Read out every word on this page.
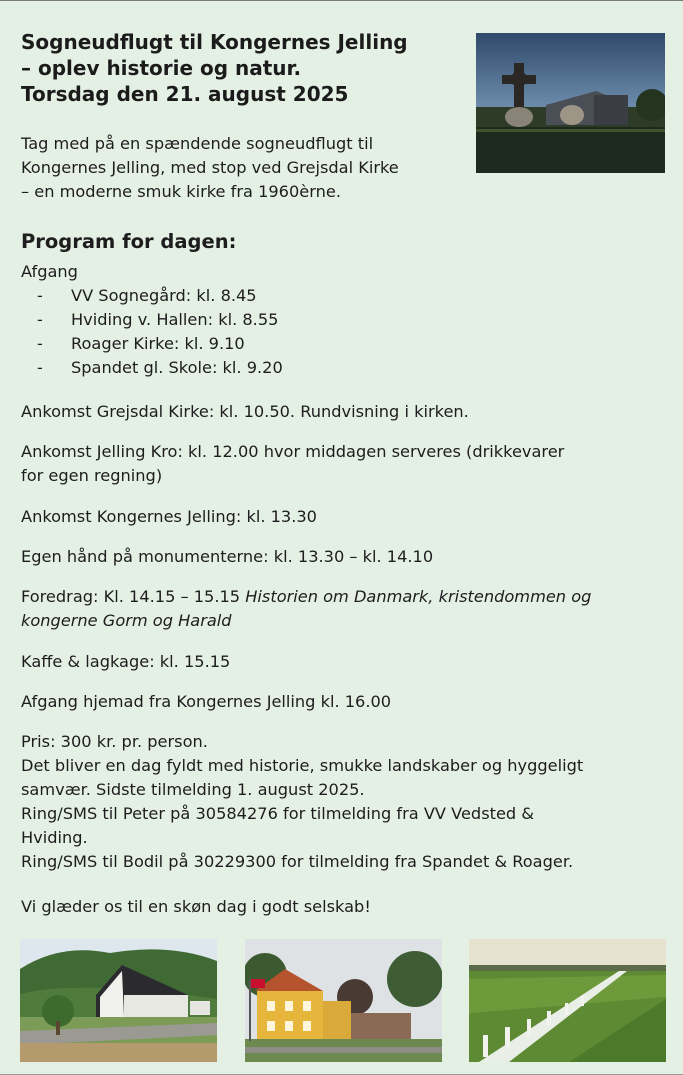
Sogneudflugt til Kongernes Jelling
– oplev historie og natur.
Torsdag den 21. august 2025
Tag med på en spændende sogneudflugt til
Kongernes Jelling, med stop ved Grejsdal Kirke
– en moderne smuk kirke fra 1960èrne.
Program for dagen:
Afgang
- VV Sognegård: kl. 8.45
- Hviding v. Hallen: kl. 8.55
- Roager Kirke: kl. 9.10
- Spandet gl. Skole: kl. 9.20
Ankomst Grejsdal Kirke: kl. 10.50. Rundvisning i kirken.
Ankomst Jelling Kro: kl. 12.00 hvor middagen serveres (drikkevarer
for egen regning)
Ankomst Kongernes Jelling: kl. 13.30
Egen hånd på monumenterne: kl. 13.30 – kl. 14.10
Foredrag: Kl. 14.15 – 15.15 Historien om Danmark, kristendommen og
kongerne Gorm og Harald
Kaffe & lagkage: kl. 15.15
Afgang hjemad fra Kongernes Jelling kl. 16.00
Pris: 300 kr. pr. person.
Det bliver en dag fyldt med historie, smukke landskaber og hyggeligt
samvær. Sidste tilmelding 1. august 2025.
Ring/SMS til Peter på 30584276 for tilmelding fra VV Vedsted &
Hviding.
Ring/SMS til Bodil på 30229300 for tilmelding fra Spandet & Roager.
Vi glæder os til en skøn dag i godt selskab!
